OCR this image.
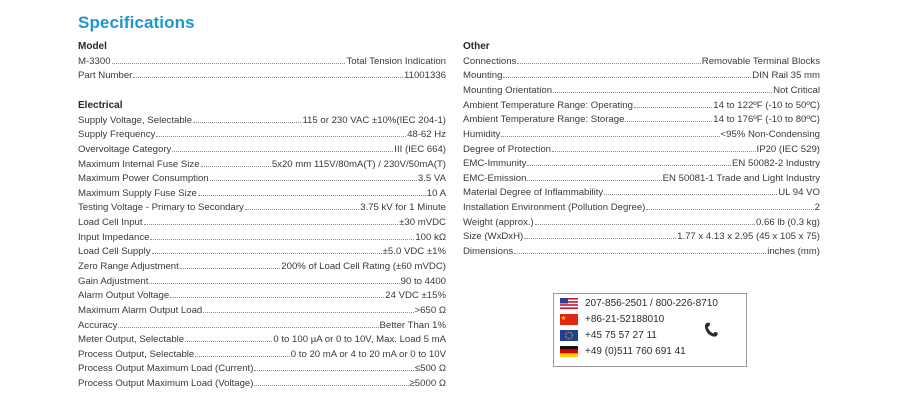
Specifications
Model
M-3300	Total Tension Indication
Part Number	11001336
Electrical
Supply Voltage, Selectable	115 or 230 VAC ±10%(IEC 204-1)
Supply Frequency	48-62 Hz
Overvoltage Category	III (IEC 664)
Maximum Internal Fuse Size	5x20 mm 115V/80mA(T) / 230V/50mA(T)
Maximum Power Consumption	3.5 VA
Maximum Supply Fuse Size	10 A
Testing Voltage - Primary to Secondary	3.75 kV for 1 Minute
Load Cell Input	±30 mVDC
Input Impedance	100 kΩ
Load Cell Supply	±5.0 VDC ±1%
Zero Range Adjustment	200% of Load Cell Rating (±60 mVDC)
Gain Adjustment	90 to 4400
Alarm Output Voltage	24 VDC ±15%
Maximum Alarm Output Load	>650 Ω
Accuracy	Better Than 1%
Meter Output, Selectable	0 to 100 µA or 0 to 10V, Max. Load 5 mA
Process Output, Selectable	0 to 20 mA or 4 to 20 mA or 0 to 10V
Process Output Maximum Load (Current)	≤500 Ω
Process Output Maximum Load (Voltage)	≥5000 Ω
Other
Connections	Removable Terminal Blocks
Mounting	DIN Rail 35 mm
Mounting Orientation	Not Critical
Ambient Temperature Range: Operating	14 to 122ºF (-10 to 50ºC)
Ambient Temperature Range: Storage	14 to 176ºF (-10 to 80ºC)
Humidity	<95% Non-Condensing
Degree of Protection	IP20 (IEC 529)
EMC-Immunity	EN 50082-2 Industry
EMC-Emission	EN 50081-1 Trade and Light Industry
Material Degree of Inflammability	UL 94 VO
Installation Environment (Pollution Degree)	2
Weight (approx.)	0.66 lb (0.3 kg)
Size (WxDxH)	1.77 x 4.13 x 2.95 (45 x 105 x 75)
Dimensions	inches (mm)
207-856-2501 / 800-226-8710
+86-21-52188010
+45 75 57 27 11
+49 (0)511 760 691 41
